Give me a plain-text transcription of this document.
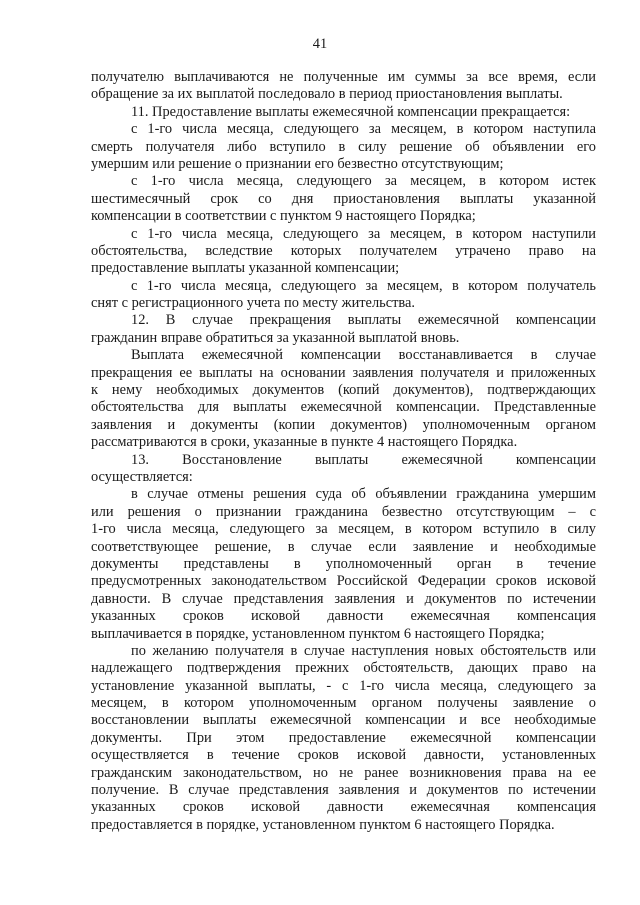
41
получателю выплачиваются не полученные им суммы за все время, если
обращение за их выплатой последовало в период приостановления выплаты.
11. Предоставление выплаты ежемесячной компенсации прекращается:
с 1-го числа месяца, следующего за месяцем, в котором наступила
смерть получателя либо вступило в силу решение об объявлении его
умершим или решение о признании его безвестно отсутствующим;
с 1-го числа месяца, следующего за месяцем, в котором истек
шестимесячный срок со дня приостановления выплаты указанной
компенсации в соответствии с пунктом 9 настоящего Порядка;
с 1-го числа месяца, следующего за месяцем, в котором наступили
обстоятельства, вследствие которых получателем утрачено право на
предоставление выплаты указанной компенсации;
с 1-го числа месяца, следующего за месяцем, в котором получатель
снят с регистрационного учета по месту жительства.
12. В случае прекращения выплаты ежемесячной компенсации
гражданин вправе обратиться за указанной выплатой вновь.
Выплата ежемесячной компенсации восстанавливается в случае
прекращения ее выплаты на основании заявления получателя и приложенных
к нему необходимых документов (копий документов), подтверждающих
обстоятельства для выплаты ежемесячной компенсации. Представленные
заявления и документы (копии документов) уполномоченным органом
рассматриваются в сроки, указанные в пункте 4 настоящего Порядка.
13. Восстановление выплаты ежемесячной компенсации
осуществляется:
в случае отмены решения суда об объявлении гражданина умершим
или решения о признании гражданина безвестно отсутствующим – с
1-го числа месяца, следующего за месяцем, в котором вступило в силу
соответствующее решение, в случае если заявление и необходимые
документы представлены в уполномоченный орган в течение
предусмотренных законодательством Российской Федерации сроков исковой
давности. В случае представления заявления и документов по истечении
указанных сроков исковой давности ежемесячная компенсация
выплачивается в порядке, установленном пунктом 6 настоящего Порядка;
по желанию получателя в случае наступления новых обстоятельств или
надлежащего подтверждения прежних обстоятельств, дающих право на
установление указанной выплаты, - с 1-го числа месяца, следующего за
месяцем, в котором уполномоченным органом получены заявление о
восстановлении выплаты ежемесячной компенсации и все необходимые
документы. При этом предоставление ежемесячной компенсации
осуществляется в течение сроков исковой давности, установленных
гражданским законодательством, но не ранее возникновения права на ее
получение. В случае представления заявления и документов по истечении
указанных сроков исковой давности ежемесячная компенсация
предоставляется в порядке, установленном пунктом 6 настоящего Порядка.
